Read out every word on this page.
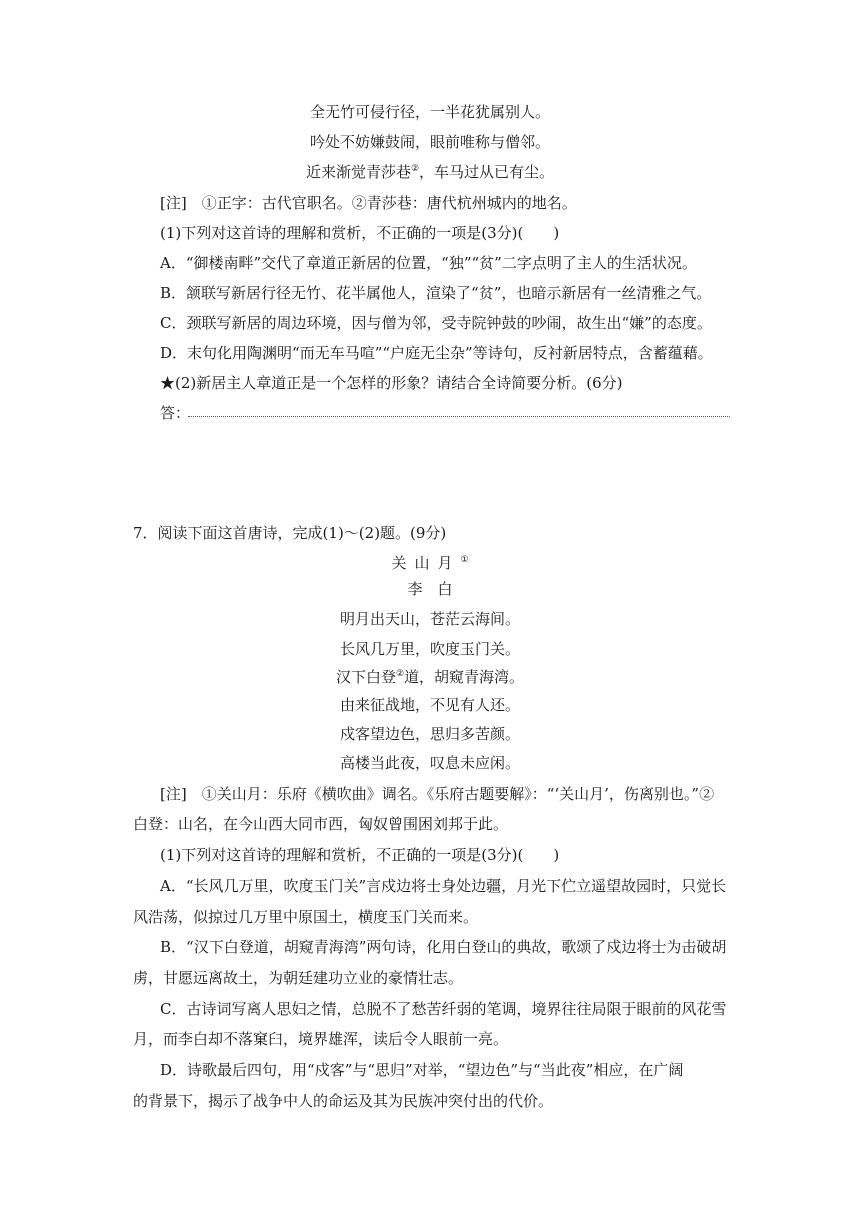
全无竹可侵行径，一半花犹属别人。
吟处不妨嫌鼓闹，眼前唯称与僧邻。
近来渐觉青莎巷②，车马过从已有尘。
[注]　①正字：古代官职名。②青莎巷：唐代杭州城内的地名。
(1)下列对这首诗的理解和赏析，不正确的一项是(3分)(　　)
A．“御楼南畔”交代了章道正新居的位置，“独”“贫”二字点明了主人的生活状况。
B．颔联写新居行径无竹、花半属他人，渲染了“贫”，也暗示新居有一丝清雅之气。
C．颈联写新居的周边环境，因与僧为邻，受寺院钟鼓的吵闹，故生出“嫌”的态度。
D．末句化用陶渊明“而无车马喧”“户庭无尘杂”等诗句，反衬新居特点，含蓄蕴藉。
★(2)新居主人章道正是一个怎样的形象？请结合全诗简要分析。(6分)
答：
7．阅读下面这首唐诗，完成(1)～(2)题。(9分)
关山月①
李　白
明月出天山，苍茫云海间。
长风几万里，吹度玉门关。
汉下白登②道，胡窥青海湾。
由来征战地，不见有人还。
戍客望边色，思归多苦颜。
高楼当此夜，叹息未应闲。
[注]　①关山月：乐府《横吹曲》调名。《乐府古题要解》：“‘关山月’，伤离别也。”②
白登：山名，在今山西大同市西，匈奴曾围困刘邦于此。
(1)下列对这首诗的理解和赏析，不正确的一项是(3分)(　　)
A．“长风几万里，吹度玉门关”言戍边将士身处边疆，月光下伫立遥望故园时，只觉长
风浩荡，似掠过几万里中原国土，横度玉门关而来。
B．“汉下白登道，胡窥青海湾”两句诗，化用白登山的典故，歌颂了戍边将士为击破胡
虏，甘愿远离故土，为朝廷建功立业的豪情壮志。
C．古诗词写离人思妇之情，总脱不了愁苦纤弱的笔调，境界往往局限于眼前的风花雪
月，而李白却不落窠臼，境界雄浑，读后令人眼前一亮。
D．诗歌最后四句，用“戍客”与“思归”对举，“望边色”与“当此夜”相应，在广阔
的背景下，揭示了战争中人的命运及其为民族冲突付出的代价。
